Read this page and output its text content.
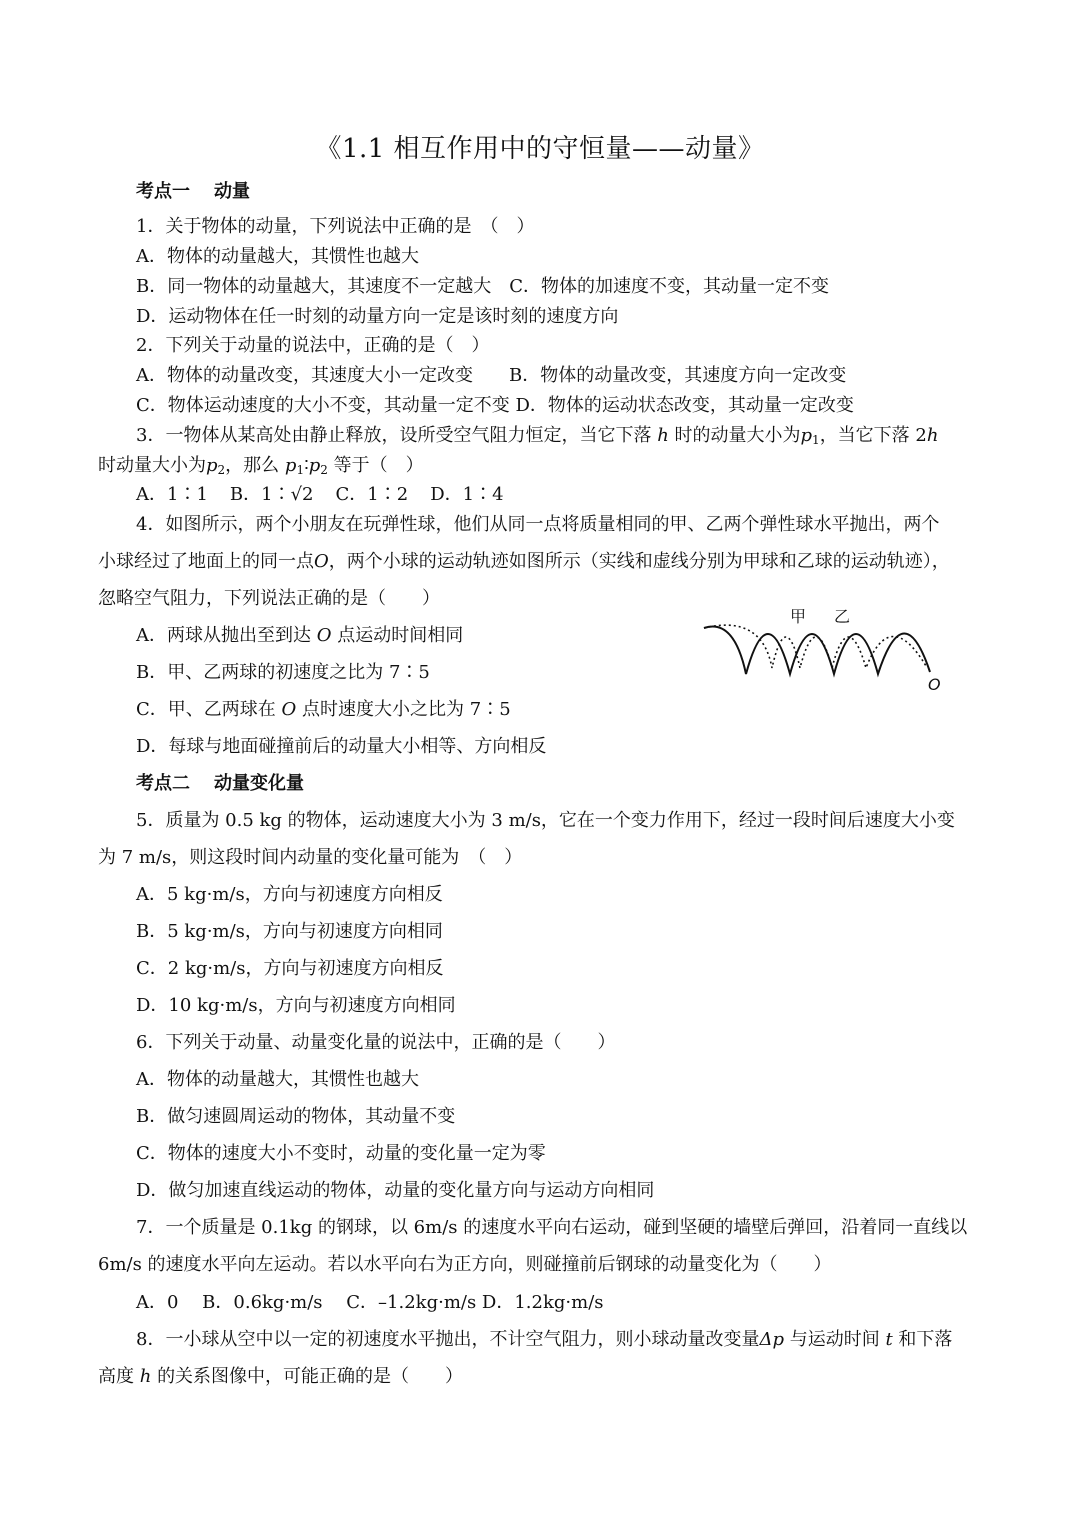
《1.1 相互作用中的守恒量——动量》
考点一 动量
1．关于物体的动量，下列说法中正确的是　（　）
A．物体的动量越大，其惯性也越大
B．同一物体的动量越大，其速度不一定越大　C．物体的加速度不变，其动量一定不变
D．运动物体在任一时刻的动量方向一定是该时刻的速度方向
2．下列关于动量的说法中，正确的是（　）
A．物体的动量改变，其速度大小一定改变　　B．物体的动量改变，其速度方向一定改变
C．物体运动速度的大小不变，其动量一定不变 D．物体的运动状态改变，其动量一定改变
3．一物体从某高处由静止释放，设所受空气阻力恒定，当它下落 h 时的动量大小为$p_1$，当它下落 2h
时动量大小为$p_2$，那么 $p_1∶p_2$ 等于（　）
A．1∶1 B．1∶√2 C．1∶2 D．1∶4
4．如图所示，两个小朋友在玩弹性球，他们从同一点将质量相同的甲、乙两个弹性球水平抛出，两个
小球经过了地面上的同一点O，两个小球的运动轨迹如图所示（实线和虚线分别为甲球和乙球的运动轨迹），
忽略空气阻力，下列说法正确的是（　　）
A．两球从抛出至到达 O 点运动时间相同
B．甲、乙两球的初速度之比为 7∶5
C．甲、乙两球在 O 点时速度大小之比为 7∶5
D．每球与地面碰撞前后的动量大小相等、方向相反
甲 乙
O
考点二 动量变化量
5．质量为 0.5 kg 的物体，运动速度大小为 3 m/s，它在一个变力作用下，经过一段时间后速度大小变
为 7 m/s，则这段时间内动量的变化量可能为　（　）
A．5 kg·m/s，方向与初速度方向相反
B．5 kg·m/s，方向与初速度方向相同
C．2 kg·m/s，方向与初速度方向相反
D．10 kg·m/s，方向与初速度方向相同
6．下列关于动量、动量变化量的说法中，正确的是（　　）
A．物体的动量越大，其惯性也越大
B．做匀速圆周运动的物体，其动量不变
C．物体的速度大小不变时，动量的变化量一定为零
D．做匀加速直线运动的物体，动量的变化量方向与运动方向相同
7．一个质量是 0.1kg 的钢球，以 6m/s 的速度水平向右运动，碰到坚硬的墙壁后弹回，沿着同一直线以
6m/s 的速度水平向左运动。若以水平向右为正方向，则碰撞前后钢球的动量变化为（　　）
A．0　 B．0.6kg·m/s　 C．–1.2kg·m/s D．1.2kg·m/s
8．一小球从空中以一定的初速度水平抛出，不计空气阻力，则小球动量改变量Δp 与运动时间 t 和下落
高度 h 的关系图像中，可能正确的是（　　）
